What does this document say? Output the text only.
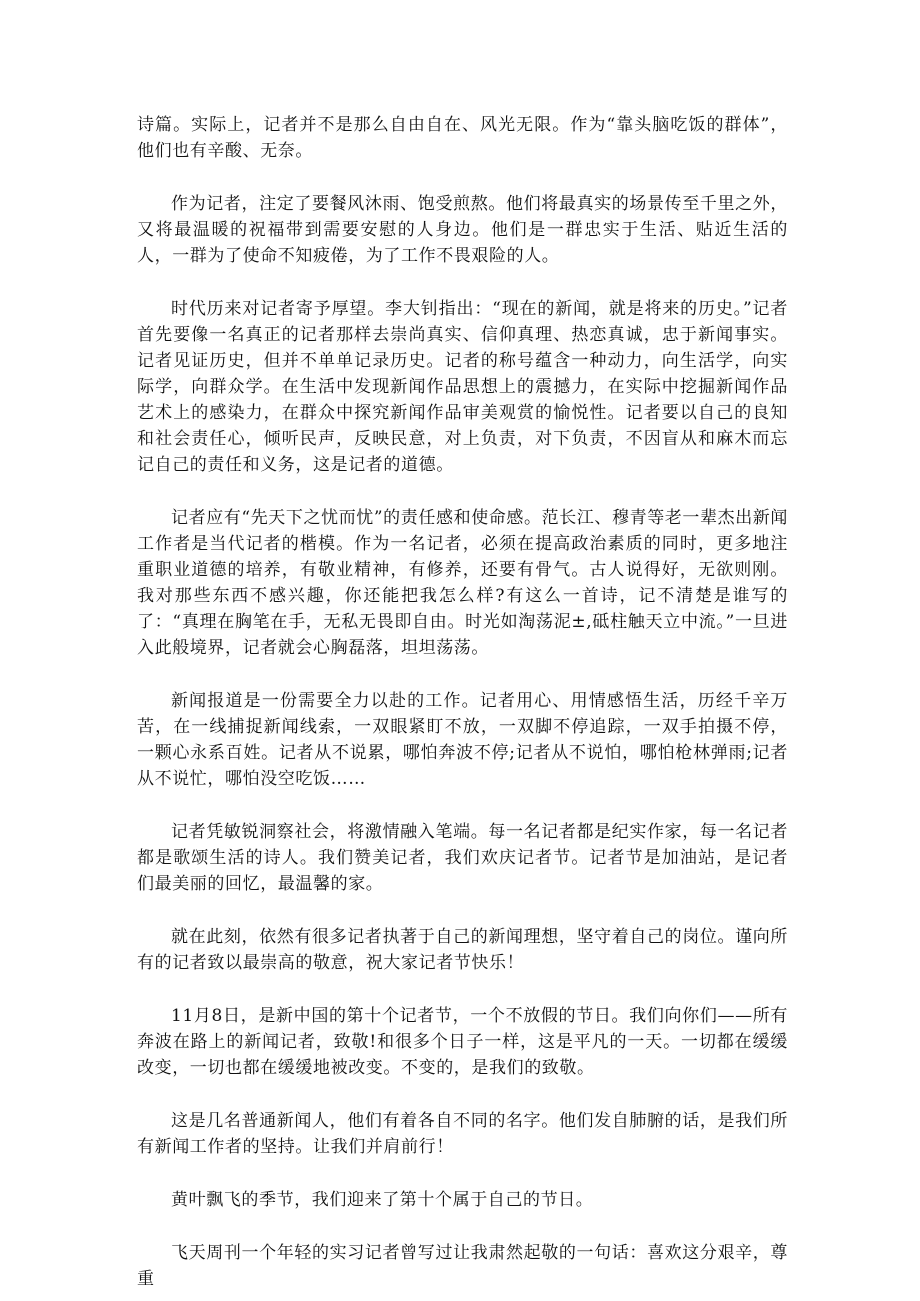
诗篇。实际上，记者并不是那么自由自在、风光无限。作为“靠头脑吃饭的群体”，他们也有辛酸、无奈。

作为记者，注定了要餐风沐雨、饱受煎熬。他们将最真实的场景传至千里之外，又将最温暖的祝福带到需要安慰的人身边。他们是一群忠实于生活、贴近生活的人，一群为了使命不知疲倦，为了工作不畏艰险的人。

时代历来对记者寄予厚望。李大钊指出：“现在的新闻，就是将来的历史。”记者首先要像一名真正的记者那样去崇尚真实、信仰真理、热恋真诚，忠于新闻事实。记者见证历史，但并不单单记录历史。记者的称号蕴含一种动力，向生活学，向实际学，向群众学。在生活中发现新闻作品思想上的震撼力，在实际中挖掘新闻作品艺术上的感染力，在群众中探究新闻作品审美观赏的愉悦性。记者要以自己的良知和社会责任心，倾听民声，反映民意，对上负责，对下负责，不因盲从和麻木而忘记自己的责任和义务，这是记者的道德。

记者应有“先天下之忧而忧”的责任感和使命感。范长江、穆青等老一辈杰出新闻工作者是当代记者的楷模。作为一名记者，必须在提高政治素质的同时，更多地注重职业道德的培养，有敬业精神，有修养，还要有骨气。古人说得好，无欲则刚。我对那些东西不感兴趣，你还能把我怎么样?有这么一首诗，记不清楚是谁写的了：“真理在胸笔在手，无私无畏即自由。时光如淘荡泥±,砥柱触天立中流。”一旦进入此般境界，记者就会心胸磊落，坦坦荡荡。

新闻报道是一份需要全力以赴的工作。记者用心、用情感悟生活，历经千辛万苦，在一线捕捉新闻线索，一双眼紧盯不放，一双脚不停追踪，一双手拍摄不停，一颗心永系百姓。记者从不说累，哪怕奔波不停;记者从不说怕，哪怕枪林弹雨;记者从不说忙，哪怕没空吃饭……

记者凭敏锐洞察社会，将激情融入笔端。每一名记者都是纪实作家，每一名记者都是歌颂生活的诗人。我们赞美记者，我们欢庆记者节。记者节是加油站，是记者们最美丽的回忆，最温馨的家。

就在此刻，依然有很多记者执著于自己的新闻理想，坚守着自己的岗位。谨向所有的记者致以最崇高的敬意，祝大家记者节快乐！

11月8日，是新中国的第十个记者节，一个不放假的节日。我们向你们——所有奔波在路上的新闻记者，致敬!和很多个日子一样，这是平凡的一天。一切都在缓缓改变，一切也都在缓缓地被改变。不变的，是我们的致敬。

这是几名普通新闻人，他们有着各自不同的名字。他们发自肺腑的话，是我们所有新闻工作者的坚持。让我们并肩前行！

黄叶飘飞的季节，我们迎来了第十个属于自己的节日。

飞天周刊一个年轻的实习记者曾写过让我肃然起敬的一句话：喜欢这分艰辛，尊重
